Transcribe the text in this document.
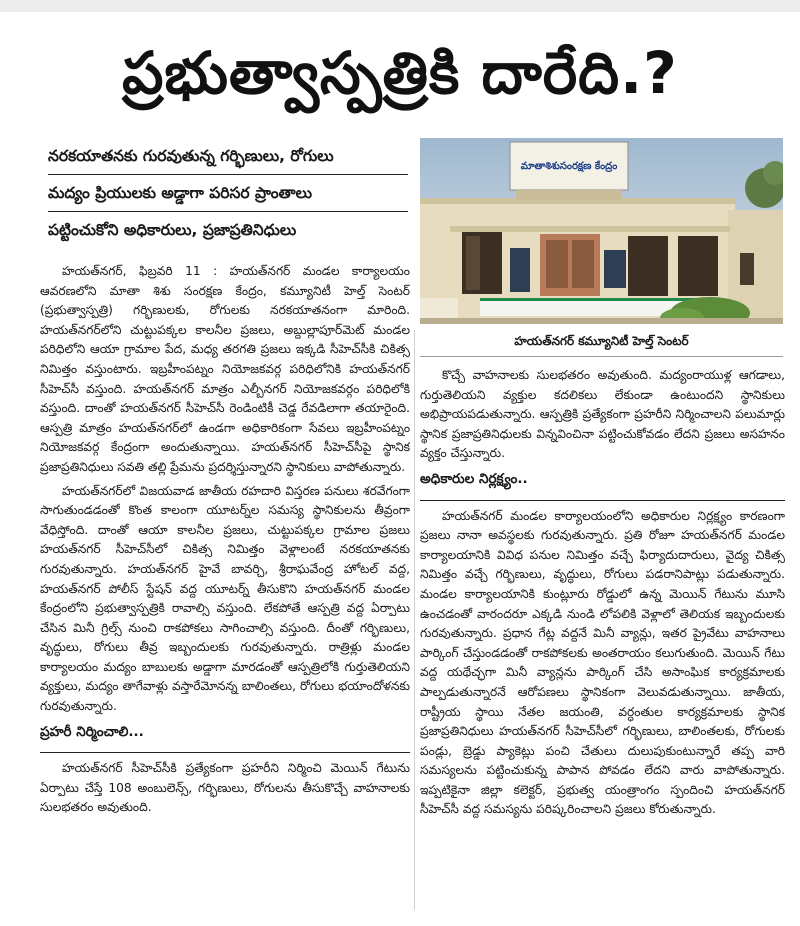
ప్రభుత్వాస్పత్రికి దారేది.?
నరకయాతనకు గురవుతున్న గర్భిణులు, రోగులు
మద్యం ప్రియులకు అడ్డాగా పరిసర ప్రాంతాలు
పట్టించుకోని అధికారులు, ప్రజాప్రతినిధులు
మాతాశిశుసంరక్షణ కేంద్రం
హయత్‌నగర్ కమ్యూనిటీ హెల్త్ సెంటర్

హయత్‌నగర్, ఫిబ్రవరి 11 : హయత్‌నగర్ మండల కార్యాలయం ఆవరణలోని మాతా శిశు సంరక్షణ కేంద్రం, కమ్యూనిటీ హెల్త్ సెంటర్ (ప్రభుత్వాస్పత్రి) గర్భిణులకు, రోగులకు నరకయాతనంగా మారింది. హయత్‌నగర్‌లోని చుట్టుపక్కల కాలనీల ప్రజలు, అబ్దుల్లాపూర్‌మెట్ మండల పరిధిలోని ఆయా గ్రామాల పేద, మధ్య తరగతి ప్రజలు ఇక్కడి సీహెచ్‌సీకి చికిత్స నిమిత్తం వస్తుంటారు. ఇబ్రహీంపట్నం నియోజకవర్గ పరిధిలోనికి హయత్‌నగర్ సీహెచ్‌సీ వస్తుంది. హయత్‌నగర్ మాత్రం ఎల్బీనగర్ నియోజకవర్గం పరిధిలోకి వస్తుంది. దాంతో హయత్‌నగర్ సీహెచ్‌సీ రెండింటికీ చెడ్డ రేవడిలాగా తయారైంది. ఆస్పత్రి మాత్రం హయత్‌నగర్‌లో ఉండగా అధికారికంగా సేవలు ఇబ్రహీంపట్నం నియోజకవర్గ కేంద్రంగా అందుతున్నాయి. హయత్‌నగర్ సీహెచ్‌సీపై స్థానిక ప్రజాప్రతినిధులు సవతి తల్లి ప్రేమను ప్రదర్శిస్తున్నారని స్థానికులు వాపోతున్నారు.

హయత్‌నగర్‌లో విజయవాడ జాతీయ రహదారి విస్తరణ పనులు శరవేగంగా సాగుతుండడంతో కొంత కాలంగా యూటర్న్‌ల సమస్య స్థానికులను తీవ్రంగా వేధిస్తోంది. దాంతో ఆయా కాలనీల ప్రజలు, చుట్టుపక్కల గ్రామాల ప్రజలు హయత్‌నగర్ సీహెచ్‌సీలో చికిత్స నిమిత్తం వెళ్లాలంటే నరకయాతనకు గురవుతున్నారు. హయత్‌నగర్ హైవే బావర్చి, శ్రీరాఘవేంద్ర హోటల్ వద్ద, హయత్‌నగర్ పోలీస్ స్టేషన్ వద్ద యూటర్న్ తీసుకొని హయత్‌నగర్ మండల కేంద్రంలోని ప్రభుత్వాస్పత్రికి రావాల్సి వస్తుంది. లేకపోతే ఆస్పత్రి వద్ద ఏర్పాటు చేసిన మినీ గ్రిల్స్ నుంచి రాకపోకలు సాగించాల్సి వస్తుంది. దీంతో గర్భిణులు, వృద్ధులు, రోగులు తీవ్ర ఇబ్బందులకు గురవుతున్నారు. రాత్రిళ్లు మండల కార్యాలయం మద్యం బాబులకు అడ్డాగా మారడంతో ఆస్పత్రిలోకి గుర్తుతెలియని వ్యక్తులు, మద్యం తాగేవాళ్లు వస్తారేమోనన్న బాలింతలు, రోగులు భయాందోళనకు గురవుతున్నారు.

ప్రహరీ నిర్మించాలి...

హయత్‌నగర్ సీహెచ్‌సీకి ప్రత్యేకంగా ప్రహరీని నిర్మించి మెయిన్ గేటును ఏర్పాటు చేస్తే 108 అంబులెన్స్, గర్భిణులు, రోగులను తీసుకొచ్చే వాహనాలకు సులభతరం అవుతుంది.

కొచ్చే వాహనాలకు సులభతరం అవుతుంది. మద్యంరాయుళ్ల ఆగడాలు, గుర్తుతెలియని వ్యక్తుల కదలికలు లేకుండా ఉంటుందని స్థానికులు అభిప్రాయపడుతున్నారు. ఆస్పత్రికి ప్రత్యేకంగా ప్రహరీని నిర్మించాలని పలుమార్లు స్థానిక ప్రజాప్రతినిధులకు విన్నవించినా పట్టించుకోవడం లేదని ప్రజలు అసహనం వ్యక్తం చేస్తున్నారు.

అధికారుల నిర్లక్ష్యం..

హయత్‌నగర్ మండల కార్యాలయంలోని అధికారుల నిర్లక్ష్యం కారణంగా ప్రజలు నానా అవస్థలకు గురవుతున్నారు. ప్రతి రోజూ హయత్‌నగర్ మండల కార్యాలయానికి వివిధ పనుల నిమిత్తం వచ్చే ఫిర్యాదుదారులు, వైద్య చికిత్స నిమిత్తం వచ్చే గర్భిణులు, వృద్ధులు, రోగులు పడరానిపాట్లు పడుతున్నారు. మండల కార్యాలయానికి కుంట్లూరు రోడ్డులో ఉన్న మెయిన్ గేటును మూసి ఉంచడంతో వారందరూ ఎక్కడి నుండి లోపలికి వెళ్లాలో తెలియక ఇబ్బందులకు గురవుతున్నారు. ప్రధాన గేట్ల వద్దనే మినీ వ్యాన్లు, ఇతర ప్రైవేటు వాహనాలు పార్కింగ్ చేస్తుండడంతో రాకపోకలకు అంతరాయం కలుగుతుంది. మెయిన్ గేటు వద్ద యథేచ్ఛగా మినీ వ్యాన్లను పార్కింగ్ చేసి అసాంఘిక కార్యక్రమాలకు పాల్పడుతున్నారనే ఆరోపణలు స్థానికంగా వెలువడుతున్నాయి. జాతీయ, రాష్ట్రీయ స్థాయి నేతల జయంతి, వర్ధంతుల కార్యక్రమాలకు స్థానిక ప్రజాప్రతినిధులు హయత్‌నగర్ సీహెచ్‌సీలో గర్భిణులు, బాలింతలకు, రోగులకు పండ్లు, బ్రెడ్డు ప్యాకెట్లు పంచి చేతులు దులుపుకుంటున్నారే తప్ప వారి సమస్యలను పట్టించుకున్న పాపాన పోవడం లేదని వారు వాపోతున్నారు. ఇప్పటికైనా జిల్లా కలెక్టర్, ప్రభుత్వ యంత్రాంగం స్పందించి హయత్‌నగర్ సీహెచ్‌సీ వద్ద సమస్యను పరిష్కరించాలని ప్రజలు కోరుతున్నారు.
